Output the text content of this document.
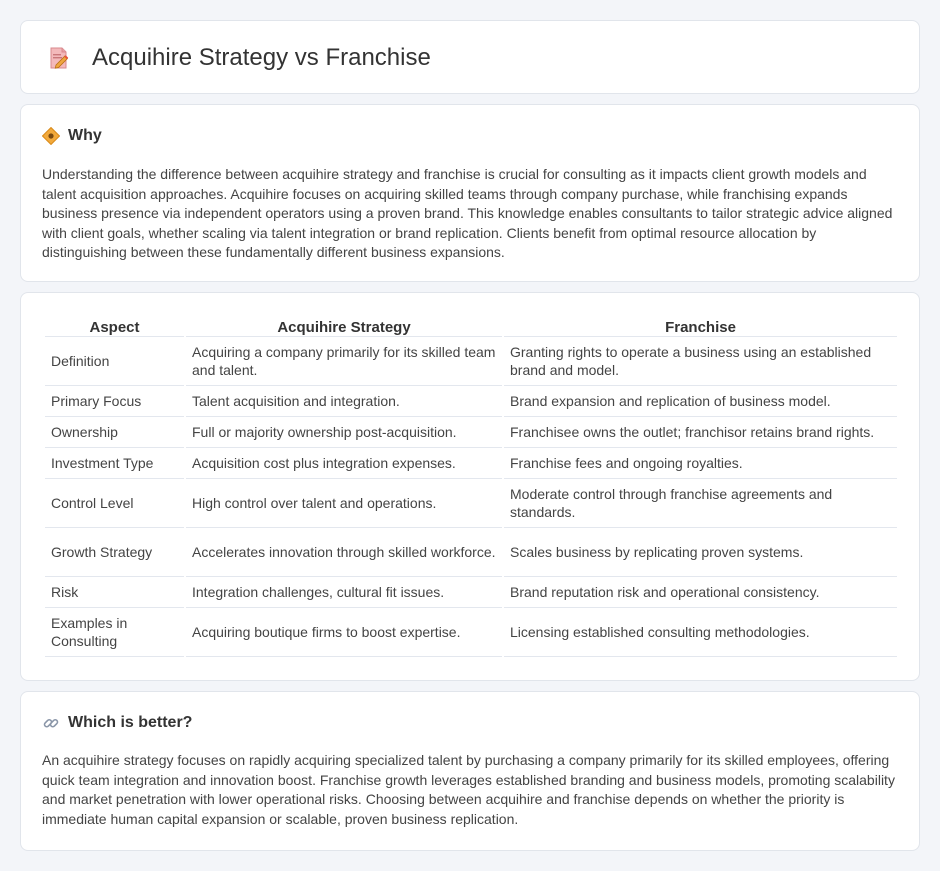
Acquihire Strategy vs Franchise
Why

Understanding the difference between acquihire strategy and franchise is crucial for consulting as it impacts client growth models and talent acquisition approaches. Acquihire focuses on acquiring skilled teams through company purchase, while franchising expands business presence via independent operators using a proven brand. This knowledge enables consultants to tailor strategic advice aligned with client goals, whether scaling via talent integration or brand replication. Clients benefit from optimal resource allocation by distinguishing between these fundamentally different business expansions.

Aspect	Acquihire Strategy	Franchise
Definition	Acquiring a company primarily for its skilled team and talent.	Granting rights to operate a business using an established brand and model.
Primary Focus	Talent acquisition and integration.	Brand expansion and replication of business model.
Ownership	Full or majority ownership post-acquisition.	Franchisee owns the outlet; franchisor retains brand rights.
Investment Type	Acquisition cost plus integration expenses.	Franchise fees and ongoing royalties.
Control Level	High control over talent and operations.	Moderate control through franchise agreements and standards.
Growth Strategy	Accelerates innovation through skilled workforce.	Scales business by replicating proven systems.
Risk	Integration challenges, cultural fit issues.	Brand reputation risk and operational consistency.
Examples in Consulting	Acquiring boutique firms to boost expertise.	Licensing established consulting methodologies.
Which is better?

An acquihire strategy focuses on rapidly acquiring specialized talent by purchasing a company primarily for its skilled employees, offering quick team integration and innovation boost. Franchise growth leverages established branding and business models, promoting scalability and market penetration with lower operational risks. Choosing between acquihire and franchise depends on whether the priority is immediate human capital expansion or scalable, proven business replication.
